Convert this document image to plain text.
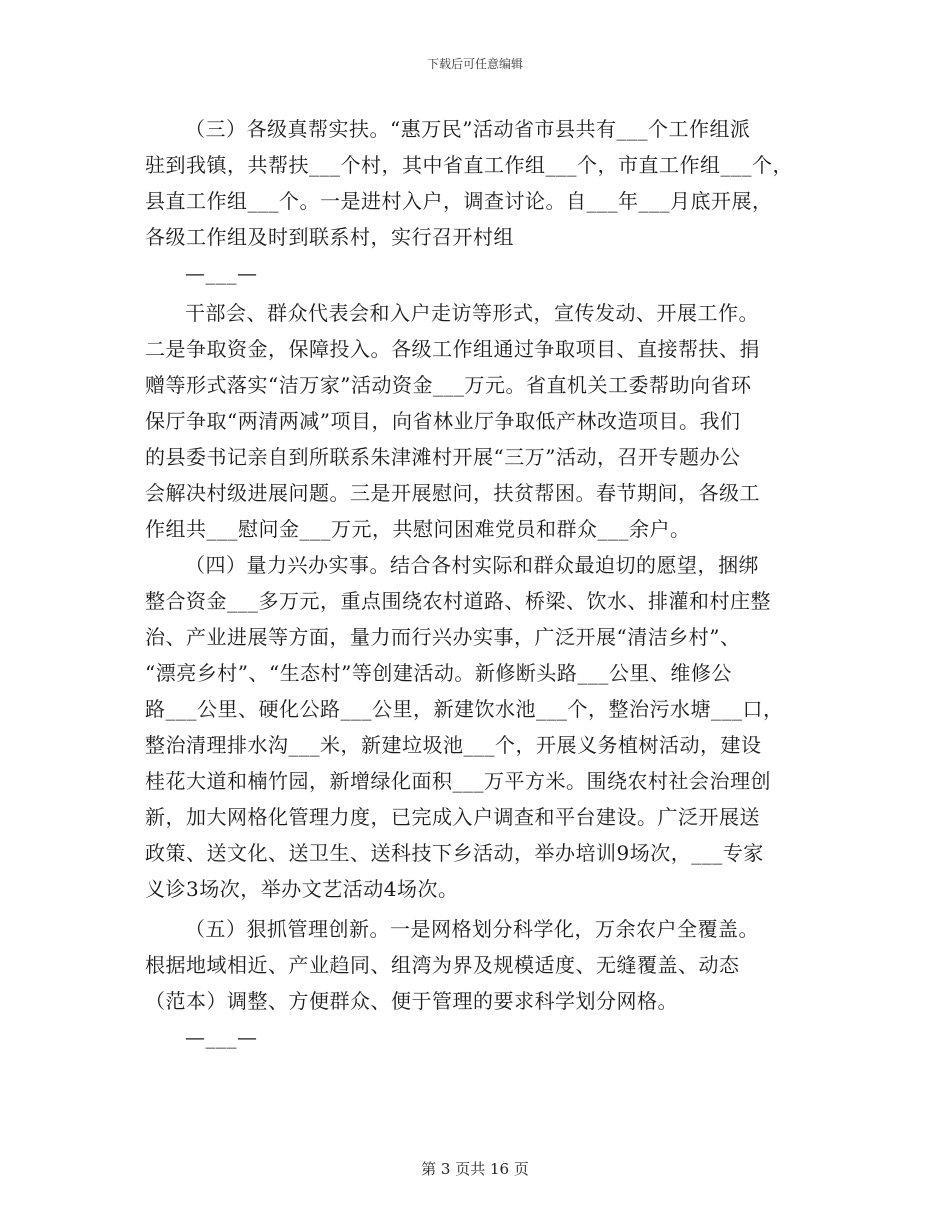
下载后可任意编辑
（三）各级真帮实扶。“惠万民”活动省市县共有___个工作组派
驻到我镇，共帮扶___个村，其中省直工作组___个，市直工作组___个，
县直工作组___个。一是进村入户，调查讨论。自___年___月底开展，
各级工作组及时到联系村，实行召开村组
—___—
干部会、群众代表会和入户走访等形式，宣传发动、开展工作。
二是争取资金，保障投入。各级工作组通过争取项目、直接帮扶、捐
赠等形式落实“洁万家”活动资金___万元。省直机关工委帮助向省环
保厅争取“两清两减”项目，向省林业厅争取低产林改造项目。我们
的县委书记亲自到所联系朱津滩村开展“三万”活动，召开专题办公
会解决村级进展问题。三是开展慰问，扶贫帮困。春节期间，各级工
作组共___慰问金___万元，共慰问困难党员和群众___余户。
（四）量力兴办实事。结合各村实际和群众最迫切的愿望，捆绑
整合资金___多万元，重点围绕农村道路、桥梁、饮水、排灌和村庄整
治、产业进展等方面，量力而行兴办实事，广泛开展“清洁乡村”、
“漂亮乡村”、“生态村”等创建活动。新修断头路___公里、维修公
路___公里、硬化公路___公里，新建饮水池___个，整治污水塘___口，
整治清理排水沟___米，新建垃圾池___个，开展义务植树活动，建设
桂花大道和楠竹园，新增绿化面积___万平方米。围绕农村社会治理创
新，加大网格化管理力度，已完成入户调查和平台建设。广泛开展送
政策、送文化、送卫生、送科技下乡活动，举办培训9场次，___专家
义诊3场次，举办文艺活动4场次。
（五）狠抓管理创新。一是网格划分科学化，万余农户全覆盖。
根据地域相近、产业趋同、组湾为界及规模适度、无缝覆盖、动态
（范本）调整、方便群众、便于管理的要求科学划分网格。
—___—
第 3 页共 16 页
